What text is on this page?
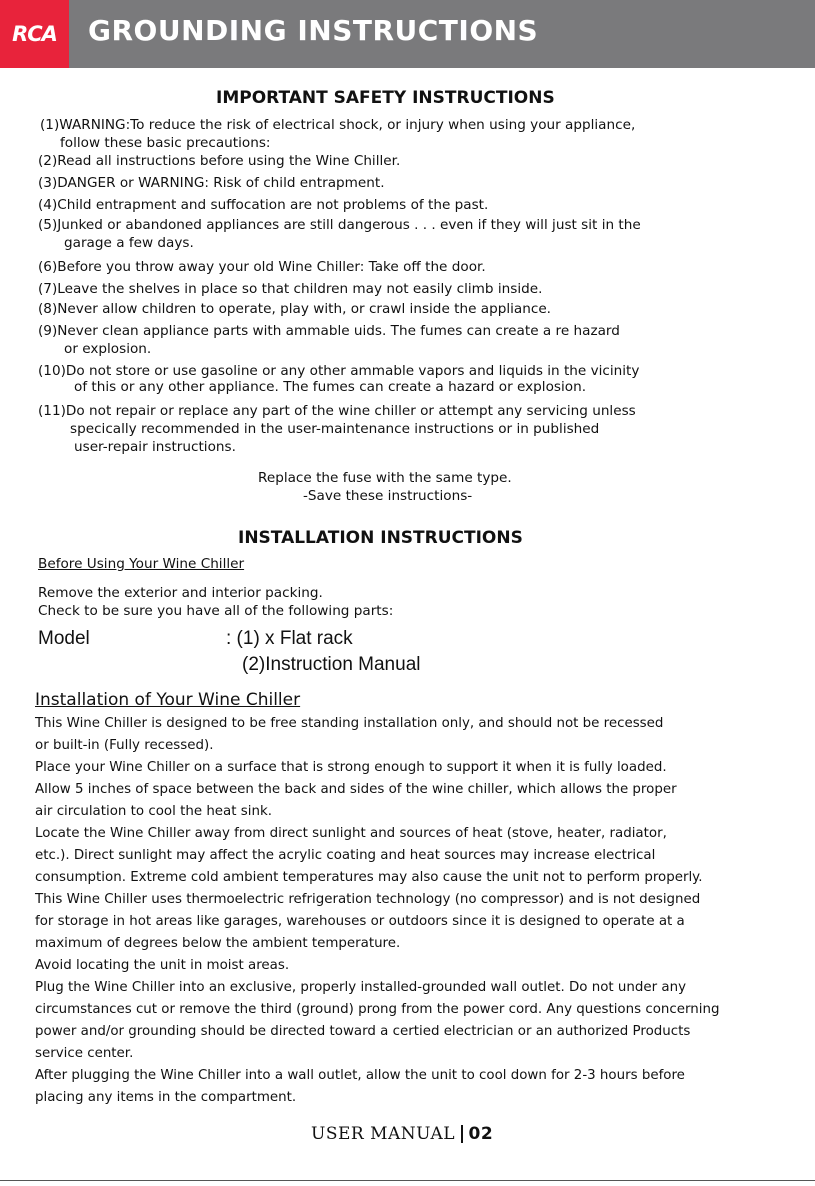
RCA GROUNDING INSTRUCTIONS
IMPORTANT SAFETY INSTRUCTIONS
(1)WARNING:To reduce the risk of electrical shock, or injury when using your appliance,
follow these basic precautions:
(2)Read all instructions before using the Wine Chiller.
(3)DANGER or WARNING: Risk of child entrapment.
(4)Child entrapment and suffocation are not problems of the past.
(5)Junked or abandoned appliances are still dangerous . . . even if they will just sit in the
garage a few days.
(6)Before you throw away your old Wine Chiller: Take off the door.
(7)Leave the shelves in place so that children may not easily climb inside.
(8)Never allow children to operate, play with, or crawl inside the appliance.
(9)Never clean appliance parts with ammable uids. The fumes can create a re hazard
or explosion.
(10)Do not store or use gasoline or any other ammable vapors and liquids in the vicinity
of this or any other appliance. The fumes can create a hazard or explosion.
(11)Do not repair or replace any part of the wine chiller or attempt any servicing unless
specically recommended in the user-maintenance instructions or in published
user-repair instructions.
Replace the fuse with the same type.
-Save these instructions-
INSTALLATION INSTRUCTIONS
Before Using Your Wine Chiller
Remove the exterior and interior packing.
Check to be sure you have all of the following parts:
Model	: (1) x Flat rack
(2)Instruction Manual
Installation of Your Wine Chiller
This Wine Chiller is designed to be free standing installation only, and should not be recessed
or built-in (Fully recessed).
Place your Wine Chiller on a surface that is strong enough to support it when it is fully loaded.
Allow 5 inches of space between the back and sides of the wine chiller, which allows the proper
air circulation to cool the heat sink.
Locate the Wine Chiller away from direct sunlight and sources of heat (stove, heater, radiator,
etc.). Direct sunlight may affect the acrylic coating and heat sources may increase electrical
consumption. Extreme cold ambient temperatures may also cause the unit not to perform properly.
This Wine Chiller uses thermoelectric refrigeration technology (no compressor) and is not designed
for storage in hot areas like garages, warehouses or outdoors since it is designed to operate at a
maximum of degrees below the ambient temperature.
Avoid locating the unit in moist areas.
Plug the Wine Chiller into an exclusive, properly installed-grounded wall outlet. Do not under any
circumstances cut or remove the third (ground) prong from the power cord. Any questions concerning
power and/or grounding should be directed toward a certied electrician or an authorized Products
service center.
After plugging the Wine Chiller into a wall outlet, allow the unit to cool down for 2-3 hours before
placing any items in the compartment.
USER MANUAL 02
